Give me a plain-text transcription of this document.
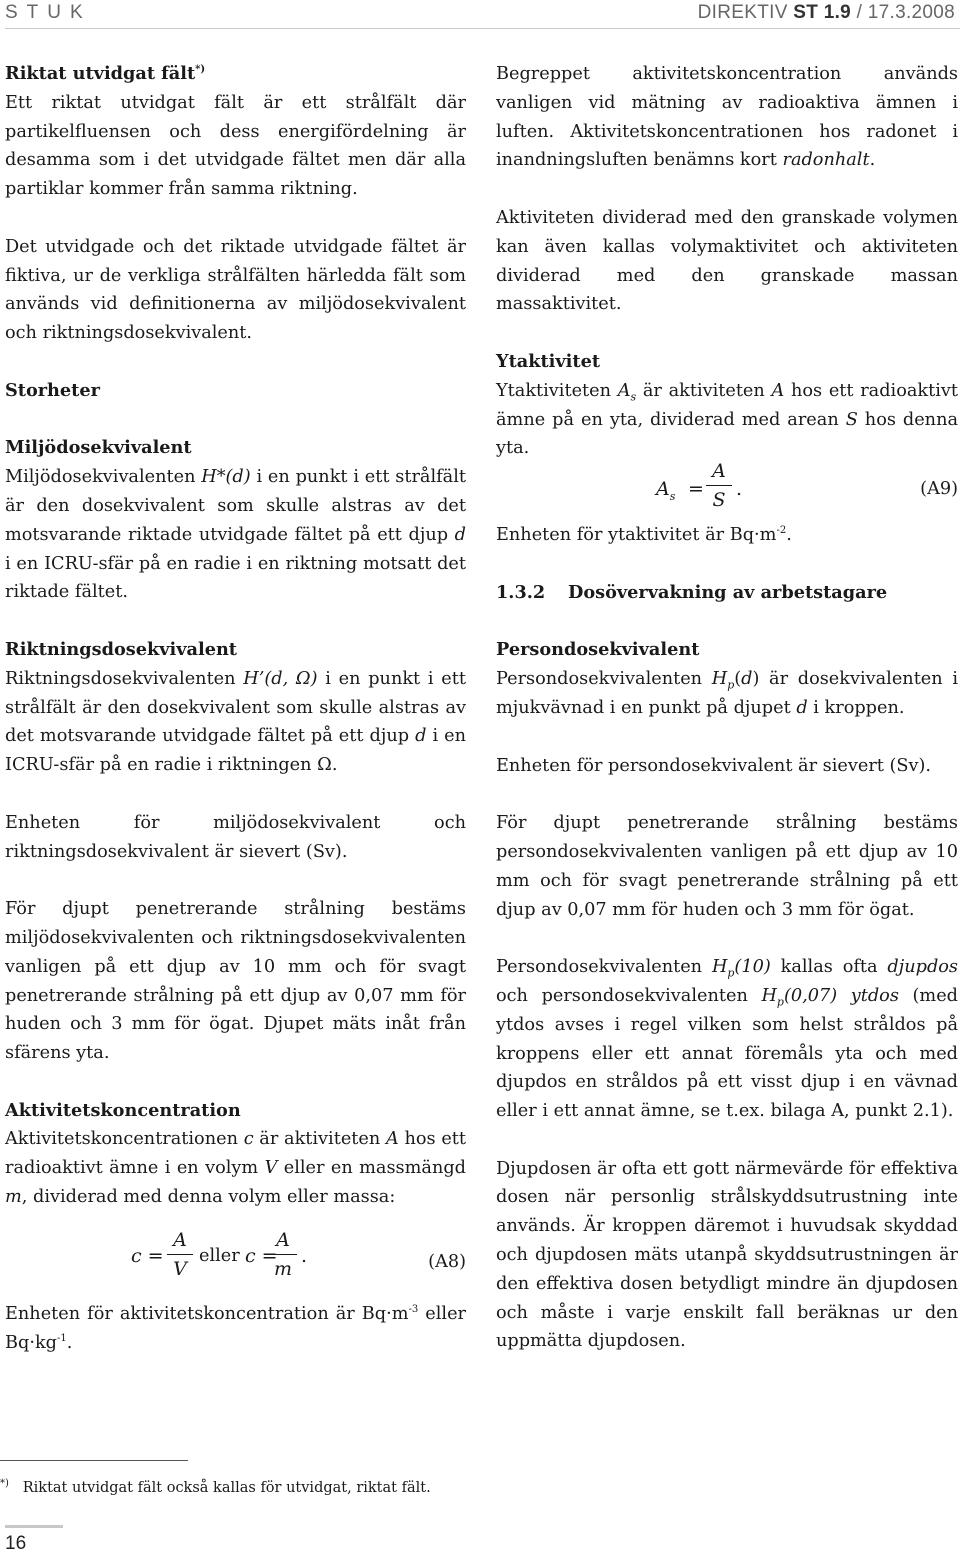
STUK	DIREKTIV ST 1.9 / 17.3.2008
Riktat utvidgat fält*)

Ett riktat utvidgat fält är ett strålfält där partikelfluensen och dess energifördelning är desamma som i det utvidgade fältet men där alla partiklar kommer från samma riktning.

Det utvidgade och det riktade utvidgade fältet är fiktiva, ur de verkliga strålfälten härledda fält som används vid definitionerna av miljödosekvivalent och riktningsdosekvivalent.

Storheter
Miljödosekvivalent

Miljödosekvivalenten H*(d) i en punkt i ett strålfält är den dosekvivalent som skulle alstras av det motsvarande riktade utvidgade fältet på ett djup d i en ICRU-sfär på en radie i en riktning motsatt det riktade fältet.

Riktningsdosekvivalent

Riktningsdosekvivalenten H’(d, Ω) i en punkt i ett strålfält är den dosekvivalent som skulle alstras av det motsvarande utvidgade fältet på ett djup d i en ICRU-sfär på en radie i riktningen Ω.

Enheten för miljödosekvivalent och riktningsdosekvivalent är sievert (Sv).

För djupt penetrerande strålning bestäms miljödosekvivalenten och riktningsdosekvivalenten vanligen på ett djup av 10 mm och för svagt penetrerande strålning på ett djup av 0,07 mm för huden och 3 mm för ögat. Djupet mäts inåt från sfärens yta.

Aktivitetskoncentration

Aktivitetskoncentrationen c är aktiviteten A hos ett radioaktivt ämne i en volym V eller en massmängd m, dividerad med denna volym eller massa:

c =
A
V
eller c =
A
m
.	(A8)

Enheten för aktivitetskoncentration är $Bq\cdot m^{-3}$ eller $Bq\cdot kg^{-1}$.

Begreppet aktivitetskoncentration används vanligen vid mätning av radioaktiva ämnen i luften. Aktivitetskoncentrationen hos radonet i inandningsluften benämns kort radonhalt.

Aktiviteten dividerad med den granskade volymen kan även kallas volymaktivitet och aktiviteten dividerad med den granskade massan massaktivitet.

Ytaktivitet

Ytaktiviteten $A_s$ är aktiviteten A hos ett radioaktivt ämne på en yta, dividerad med arean S hos denna yta.

$A_s$ =
A
S .	(A9)

Enheten för ytaktivitet är $Bq\cdot m^{-2}$.

1.3.2 Dosövervakning av arbetstagare

Persondosekvivalent

Persondosekvivalenten $H_p(d)$ är dosekvivalenten i mjukvävnad i en punkt på djupet d i kroppen.

Enheten för persondosekvivalent är sievert (Sv).

För djupt penetrerande strålning bestäms persondosekvivalenten vanligen på ett djup av 10 mm och för svagt penetrerande strålning på ett djup av 0,07 mm för huden och 3 mm för ögat.

Persondosekvivalenten $H_p(10)$ kallas ofta djupdos och persondosekvivalenten $H_p(0,07)$ ytdos (med ytdos avses i regel vilken som helst stråldos på kroppens eller ett annat föremåls yta och med djupdos en stråldos på ett visst djup i en vävnad eller i ett annat ämne, se t.ex. bilaga A, punkt 2.1).

Djupdosen är ofta ett gott närmevärde för effektiva dosen när personlig strålskyddsutrustning inte används. Är kroppen däremot i huvudsak skyddad och djupdosen mäts utanpå skyddsutrustningen är den effektiva dosen betydligt mindre än djupdosen och måste i varje enskilt fall beräknas ur den uppmätta djupdosen.

*) Riktat utvidgat fält också kallas för utvidgat, riktat fält.
16
